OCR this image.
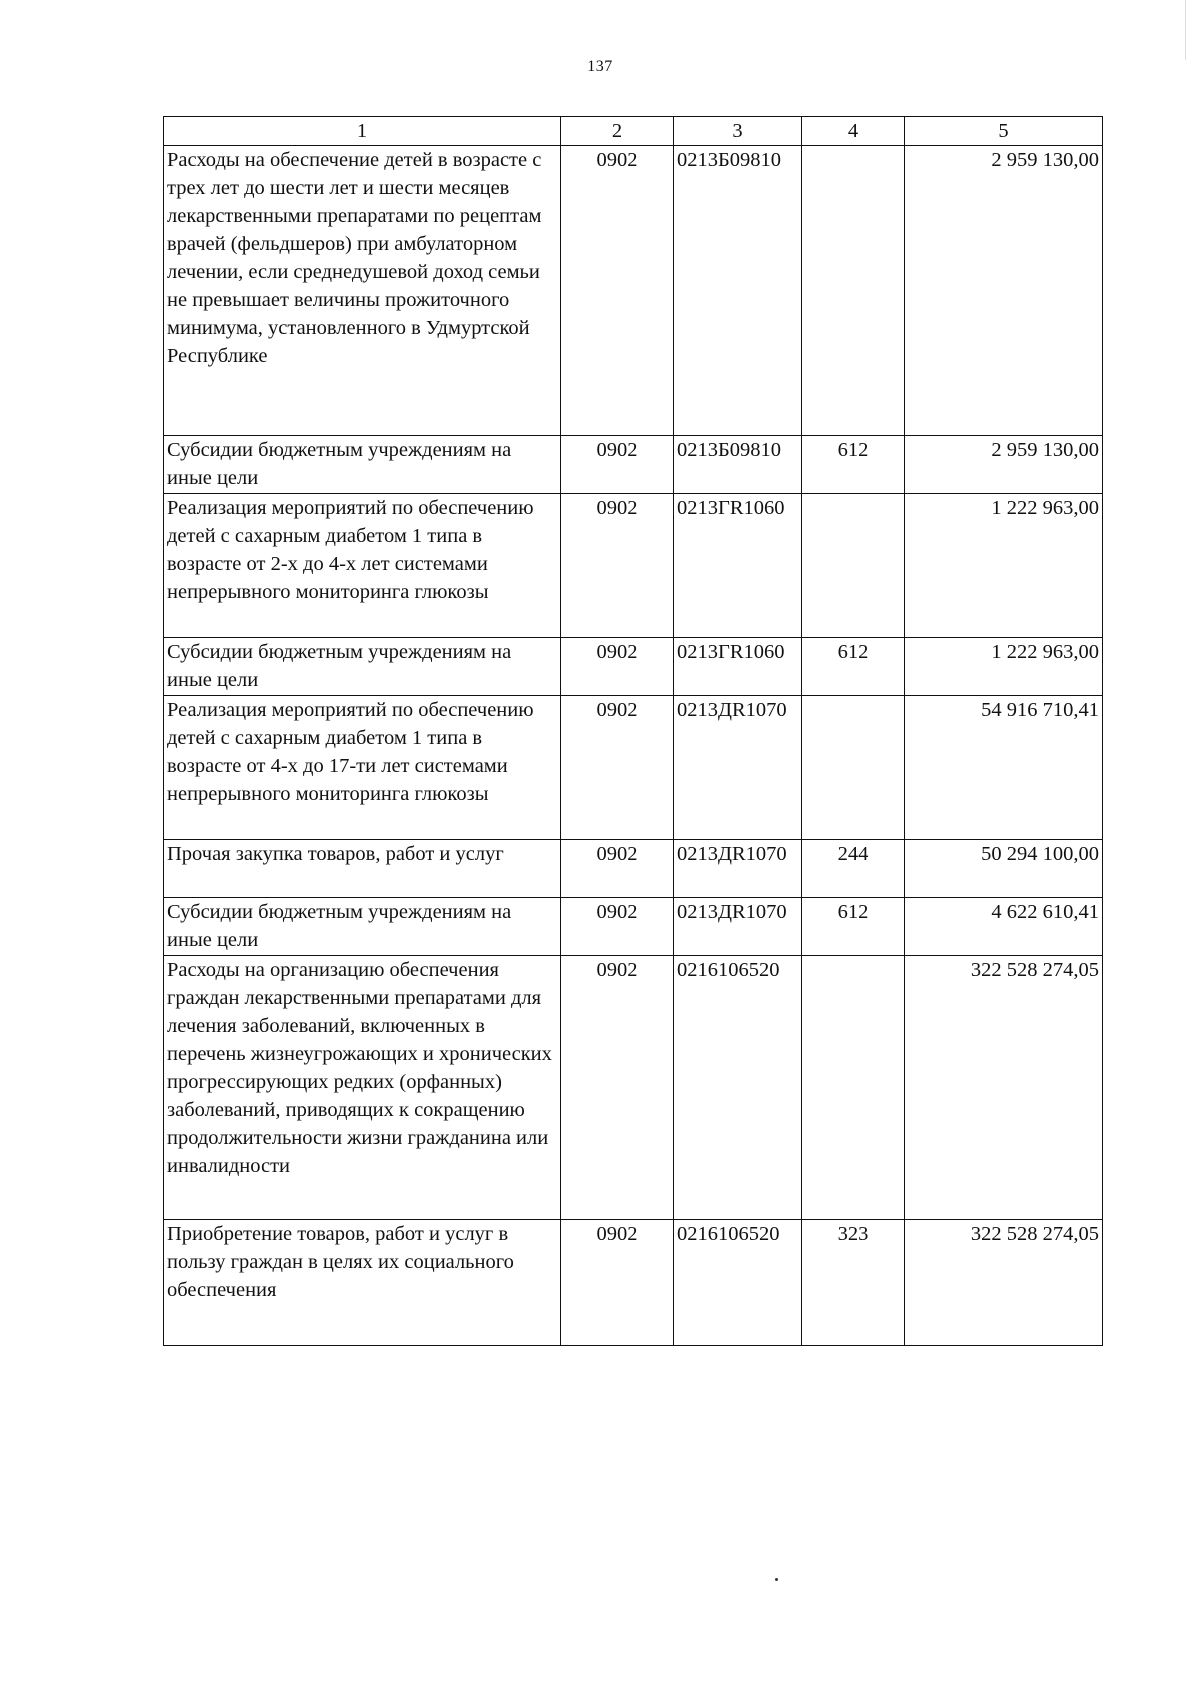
137
1	2	3	4	5
Расходы на обеспечение детей в возрасте с трех лет до шести лет и шести месяцев лекарственными препаратами по рецептам врачей (фельдшеров) при амбулаторном лечении, если среднедушевой доход семьи не превышает величины прожиточного минимума, установленного в Удмуртской Республике	0902	0213Б09810		2 959 130,00
Субсидии бюджетным учреждениям на иные цели	0902	0213Б09810	612	2 959 130,00
Реализация мероприятий по обеспечению детей с сахарным диабетом 1 типа в возрасте от 2-х до 4-х лет системами непрерывного мониторинга глюкозы	0902	0213ГR1060		1 222 963,00
Субсидии бюджетным учреждениям на иные цели	0902	0213ГR1060	612	1 222 963,00
Реализация мероприятий по обеспечению детей с сахарным диабетом 1 типа в возрасте от 4-х до 17-ти лет системами непрерывного мониторинга глюкозы	0902	0213ДR1070		54 916 710,41
Прочая закупка товаров, работ и услуг	0902	0213ДR1070	244	50 294 100,00
Субсидии бюджетным учреждениям на иные цели	0902	0213ДR1070	612	4 622 610,41
Расходы на организацию обеспечения граждан лекарственными препаратами для лечения заболеваний, включенных в перечень жизнеугрожающих и хронических прогрессирующих редких (орфанных) заболеваний, приводящих к сокращению продолжительности жизни гражданина или инвалидности	0902	0216106520		322 528 274,05
Приобретение товаров, работ и услуг в пользу граждан в целях их социального обеспечения	0902	0216106520	323	322 528 274,05
